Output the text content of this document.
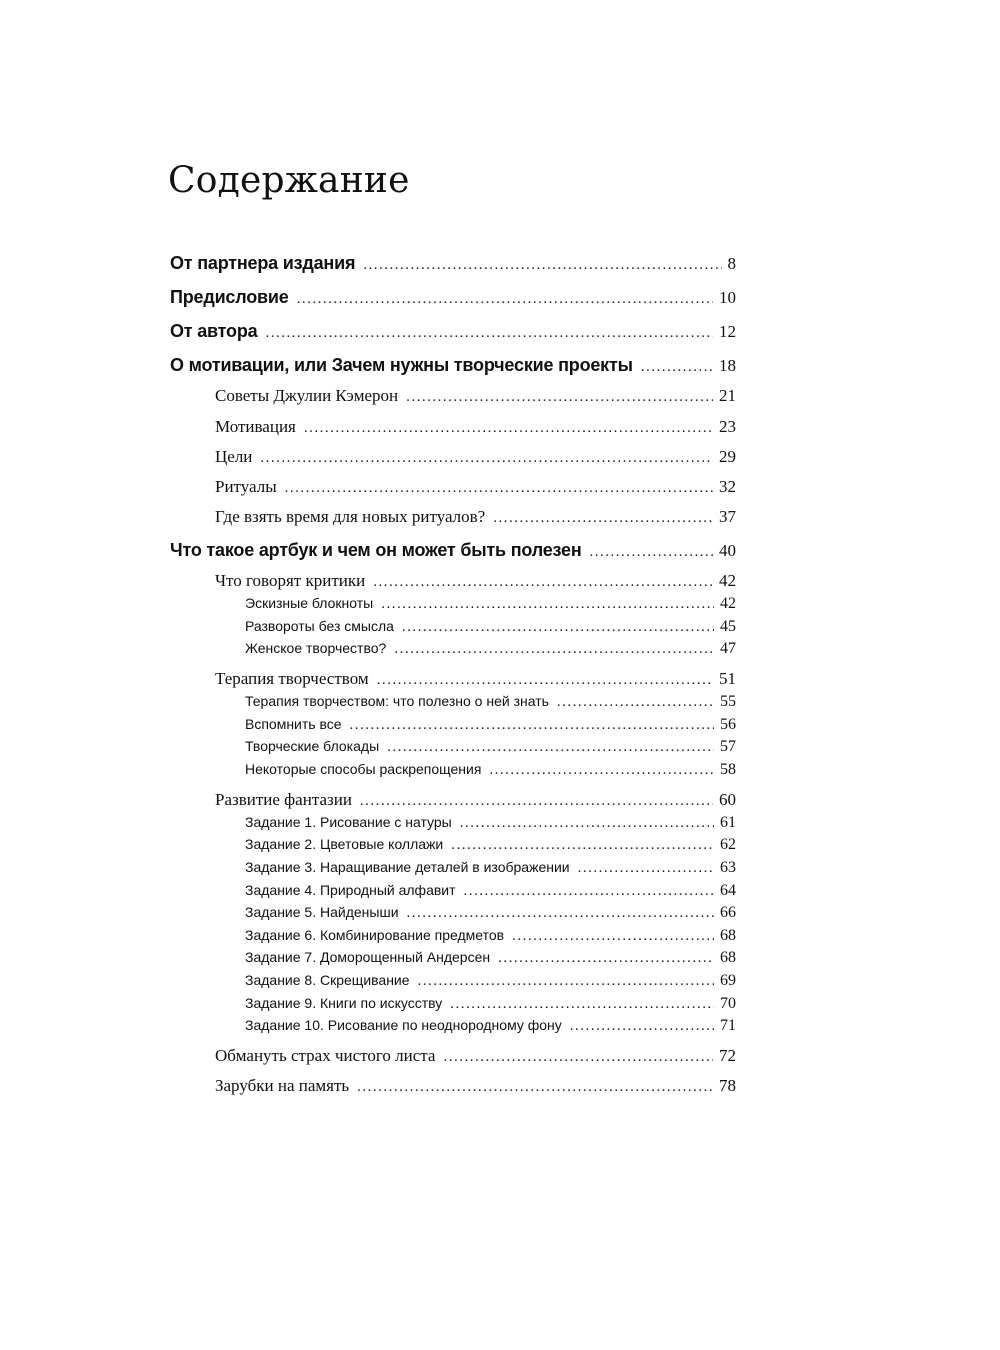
Содержание
От партнера издания .....	8
Предисловие .....	10
От автора .....	12
О мотивации, или Зачем нужны творческие проекты .....	18
Советы Джулии Кэмерон .....	21
Мотивация .....	23
Цели .....	29
Ритуалы .....	32
Где взять время для новых ритуалов? .....	37
Что такое артбук и чем он может быть полезен .....	40
Что говорят критики .....	42
Эскизные блокноты .....	42
Развороты без смысла .....	45
Женское творчество? .....	47
Терапия творчеством .....	51
Терапия творчеством: что полезно о ней знать .....	55
Вспомнить все .....	56
Творческие блокады .....	57
Некоторые способы раскрепощения .....	58
Развитие фантазии .....	60
Задание 1. Рисование с натуры .....	61
Задание 2. Цветовые коллажи .....	62
Задание 3. Наращивание деталей в изображении .....	63
Задание 4. Природный алфавит .....	64
Задание 5. Найденыши .....	66
Задание 6. Комбинирование предметов .....	68
Задание 7. Доморощенный Андерсен .....	68
Задание 8. Скрещивание .....	69
Задание 9. Книги по искусству .....	70
Задание 10. Рисование по неоднородному фону .....	71
Обмануть страх чистого листа .....	72
Зарубки на память .....	78
